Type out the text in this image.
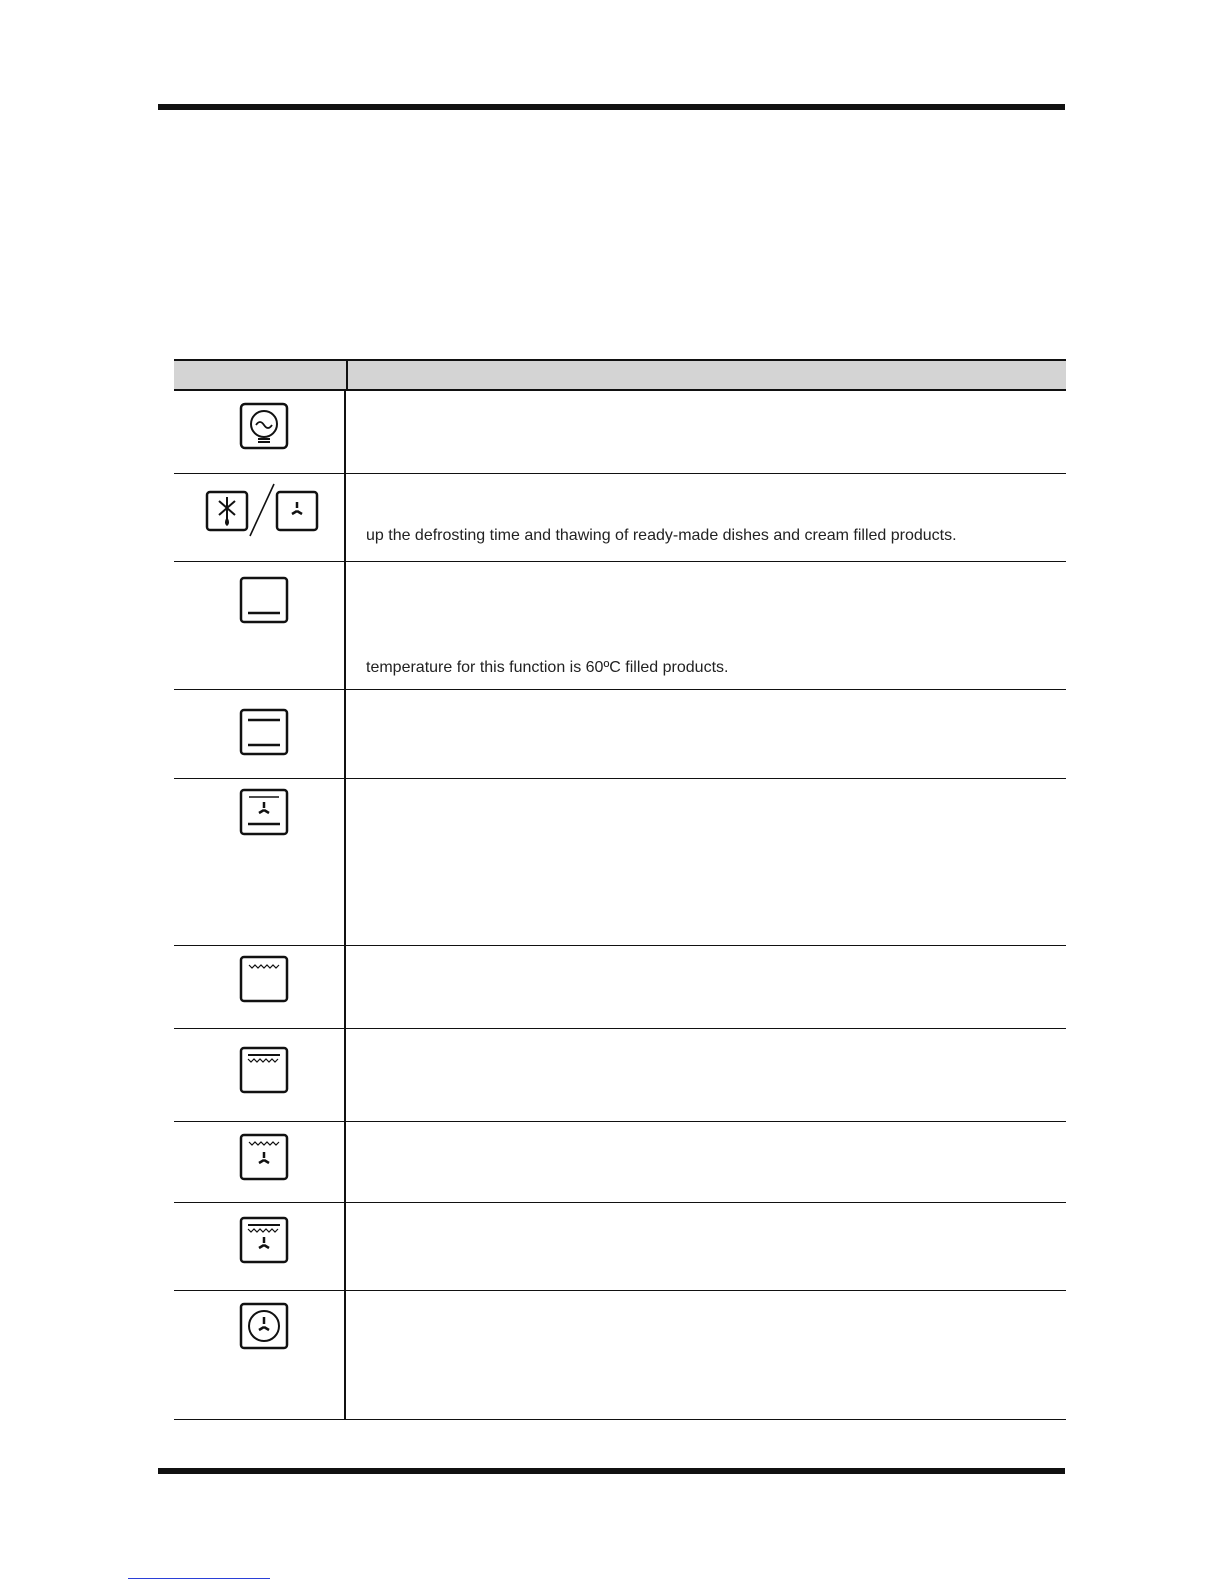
up the defrosting time and thawing of ready-made dishes and cream filled products.
temperature for this function is 60ºC filled products.
